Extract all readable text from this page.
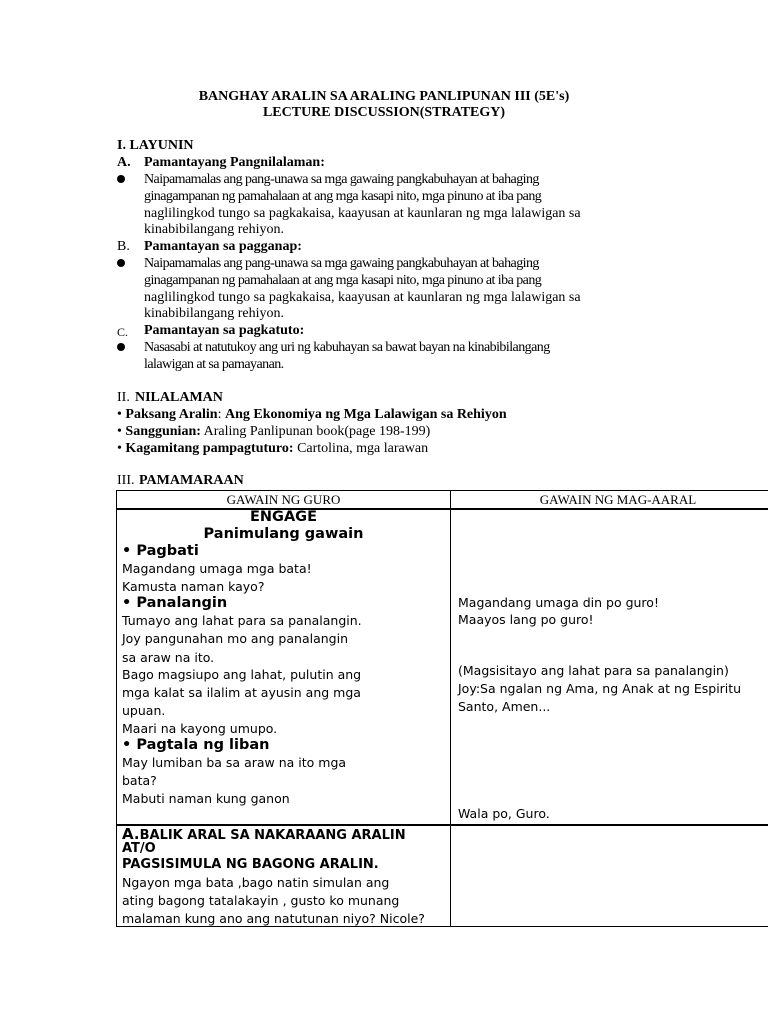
BANGHAY ARALIN SA ARALING PANLIPUNAN III (5E's)
LECTURE DISCUSSION(STRATEGY)
I. LAYUNIN
A. Pamantayang Pangnilalaman:
Naipamamalas ang pang-unawa sa mga gawaing pangkabuhayan at bahaging
ginagampanan ng pamahalaan at ang mga kasapi nito, mga pinuno at iba pang
naglilingkod tungo sa pagkakaisa, kaayusan at kaunlaran ng mga lalawigan sa
kinabibilangang rehiyon.
B. Pamantayan sa pagganap:
Naipamamalas ang pang-unawa sa mga gawaing pangkabuhayan at bahaging
ginagampanan ng pamahalaan at ang mga kasapi nito, mga pinuno at iba pang
naglilingkod tungo sa pagkakaisa, kaayusan at kaunlaran ng mga lalawigan sa
kinabibilangang rehiyon.
C. Pamantayan sa pagkatuto:
Nasasabi at natutukoy ang uri ng kabuhayan sa bawat bayan na kinabibilangang
lalawigan at sa pamayanan.
II. NILALAMAN
• Paksang Aralin: Ang Ekonomiya ng Mga Lalawigan sa Rehiyon
• Sanggunian: Araling Panlipunan book(page 198-199)
• Kagamitang pampagtuturo: Cartolina, mga larawan
III. PAMAMARAAN
GAWAIN NG GURO	GAWAIN NG MAG-AARAL
ENGAGE
Panimulang gawain
• Pagbati
Magandang umaga mga bata!
Kamusta naman kayo?
• Panalangin
Tumayo ang lahat para sa panalangin.
Joy pangunahan mo ang panalangin
sa araw na ito.
Bago magsiupo ang lahat, pulutin ang
mga kalat sa ilalim at ayusin ang mga
upuan.
Maari na kayong umupo.
• Pagtala ng liban
May lumiban ba sa araw na ito mga
bata?
Mabuti naman kung ganon
Magandang umaga din po guro!
Maayos lang po guro!
(Magsisitayo ang lahat para sa panalangin)
Joy:Sa ngalan ng Ama, ng Anak at ng Espiritu
Santo, Amen...
Wala po, Guro.
A.BALIK ARAL SA NAKARAANG ARALIN
AT/O
PAGSISIMULA NG BAGONG ARALIN.
Ngayon mga bata ,bago natin simulan ang
ating bagong tatalakayin , gusto ko munang
malaman kung ano ang natutunan niyo? Nicole?
